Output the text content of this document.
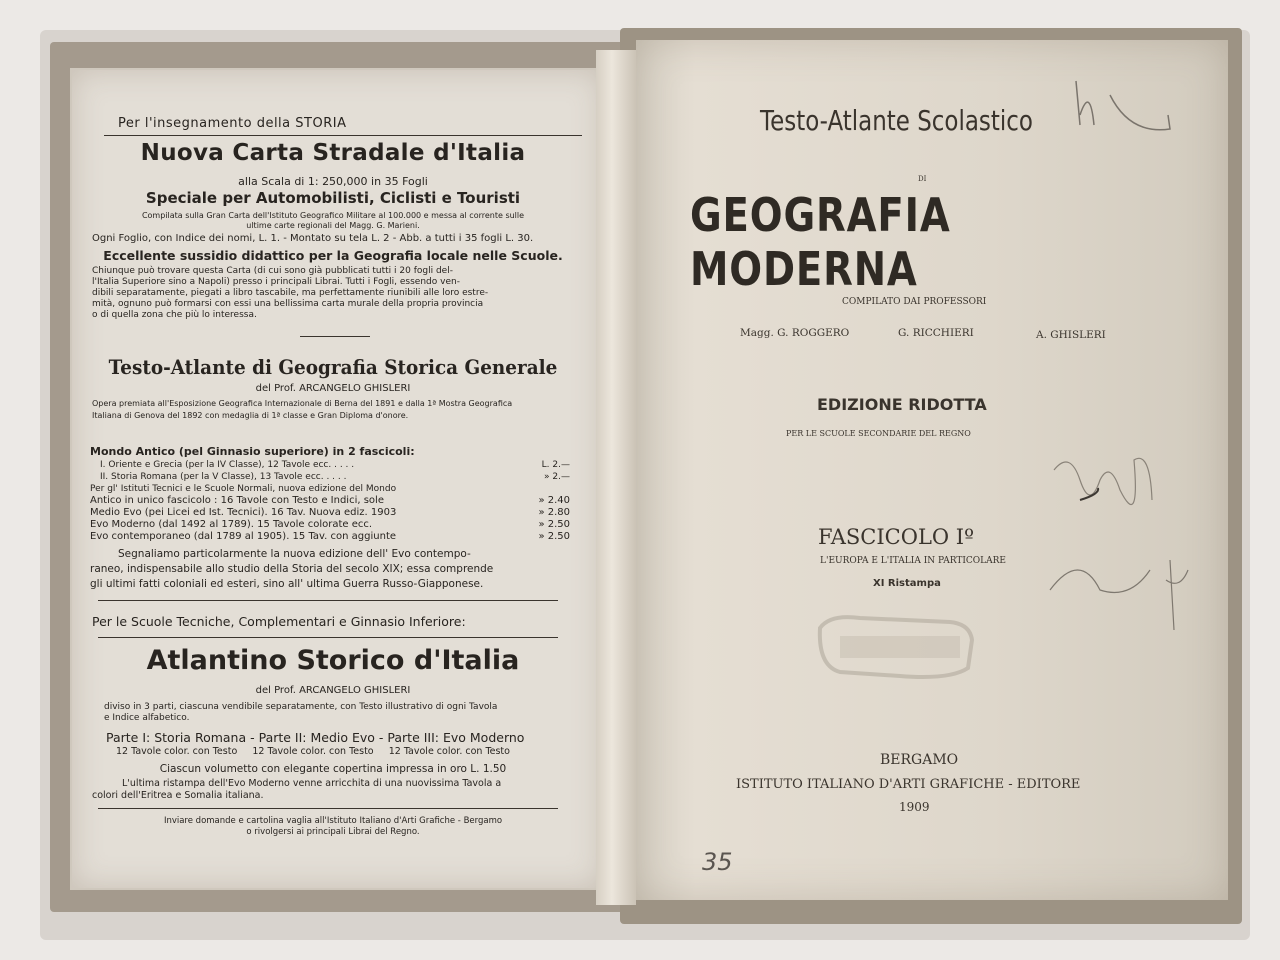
Per l'insegnamento della STORIA
Nuova Carta Stradale d'Italia
alla Scala di 1: 250,000 in 35 Fogli
Speciale per Automobilisti, Ciclisti e Touristi
Compilata sulla Gran Carta dell'Istituto Geografico Militare al 100.000 e messa al corrente sulle
ultime carte regionali del Magg. G. Marieni.
Ogni Foglio, con Indice dei nomi, L. 1. - Montato su tela L. 2 - Abb. a tutti i 35 fogli L. 30.
Eccellente sussidio didattico per la Geografia locale nelle Scuole.
Chiunque può trovare questa Carta (di cui sono già pubblicati tutti i 20 fogli del-
l'Italia Superiore sino a Napoli) presso i principali Librai. Tutti i Fogli, essendo ven-
dibili separatamente, piegati a libro tascabile, ma perfettamente riunibili alle loro estre-
mità, ognuno può formarsi con essi una bellissima carta murale della propria provincia
o di quella zona che più lo interessa.
Testo-Atlante di Geografia Storica Generale
del Prof. ARCANGELO GHISLERI
Opera premiata all'Esposizione Geografica Internazionale di Berna del 1891 e dalla 1ª Mostra Geografica
Italiana di Genova del 1892 con medaglia di 1ª classe e Gran Diploma d'onore.
Mondo Antico (pel Ginnasio superiore) in 2 fascicoli:
I. Oriente e Grecia (per la IV Classe), 12 Tavole ecc. . . . .	L. 2.—
II. Storia Romana (per la V Classe), 13 Tavole ecc. . . . .	» 2.—
Per gl' Istituti Tecnici e le Scuole Normali, nuova edizione del Mondo
Antico in unico fascicolo : 16 Tavole con Testo e Indici, sole	» 2.40
Medio Evo (pei Licei ed Ist. Tecnici). 16 Tav. Nuova ediz. 1903	» 2.80
Evo Moderno (dal 1492 al 1789). 15 Tavole colorate ecc.	» 2.50
Evo contemporaneo (dal 1789 al 1905). 15 Tav. con aggiunte	» 2.50
Segnaliamo particolarmente la nuova edizione dell' Evo contempo-
raneo, indispensabile allo studio della Storia del secolo XIX; essa comprende
gli ultimi fatti coloniali ed esteri, sino all' ultima Guerra Russo-Giapponese.
Per le Scuole Tecniche, Complementari e Ginnasio Inferiore:
Atlantino Storico d'Italia
del Prof. ARCANGELO GHISLERI
diviso in 3 parti, ciascuna vendibile separatamente, con Testo illustrativo di ogni Tavola
e Indice alfabetico.
Parte I: Storia Romana - Parte II: Medio Evo - Parte III: Evo Moderno
12 Tavole color. con Testo     12 Tavole color. con Testo     12 Tavole color. con Testo
Ciascun volumetto con elegante copertina impressa in oro L. 1.50
L'ultima ristampa dell'Evo Moderno venne arricchita di una nuovissima Tavola a
colori dell'Eritrea e Somalia italiana.
Inviare domande e cartolina vaglia all'Istituto Italiano d'Arti Grafiche - Bergamo
o rivolgersi ai principali Librai del Regno.
Testo-Atlante Scolastico
DI
GEOGRAFIA MODERNA
COMPILATO DAI PROFESSORI
Magg. G. ROGGERO	G. RICCHIERI	A. GHISLERI
EDIZIONE RIDOTTA
PER LE SCUOLE SECONDARIE DEL REGNO
FASCICOLO Iº
L'EUROPA E L'ITALIA IN PARTICOLARE
XI Ristampa
BERGAMO
ISTITUTO ITALIANO D'ARTI GRAFICHE - EDITORE
1909
35
